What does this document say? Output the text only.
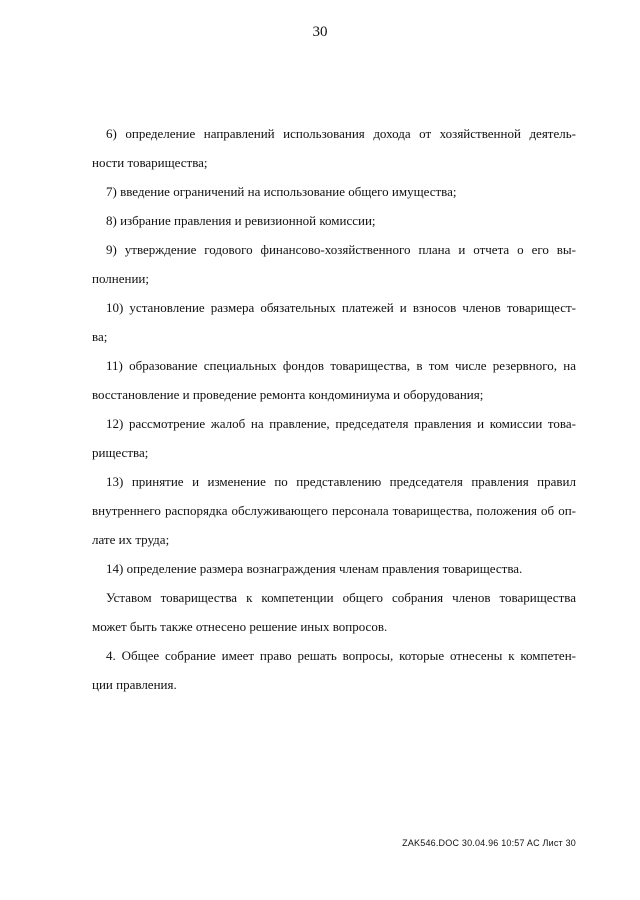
30
6) определение направлений использования дохода от хозяйственной деятель-
ности товарищества;
7) введение ограничений на использование общего имущества;
8) избрание правления и ревизионной комиссии;
9) утверждение годового финансово-хозяйственного плана и отчета о его вы-
полнении;
10) установление размера обязательных платежей и взносов членов товарищест-
ва;
11) образование специальных фондов товарищества, в том числе резервного, на
восстановление и проведение ремонта кондоминиума и оборудования;
12) рассмотрение жалоб на правление, председателя правления и комиссии това-
рищества;
13) принятие и изменение по представлению председателя правления правил
внутреннего распорядка обслуживающего персонала товарищества, положения об оп-
лате их труда;
14) определение размера вознаграждения членам правления товарищества.
Уставом товарищества к компетенции общего собрания членов товарищества
может быть также отнесено решение иных вопросов.
4. Общее собрание имеет право решать вопросы, которые отнесены к компетен-
ции правления.
ZAK546.DOC 30.04.96 10:57 AC Лист 30
